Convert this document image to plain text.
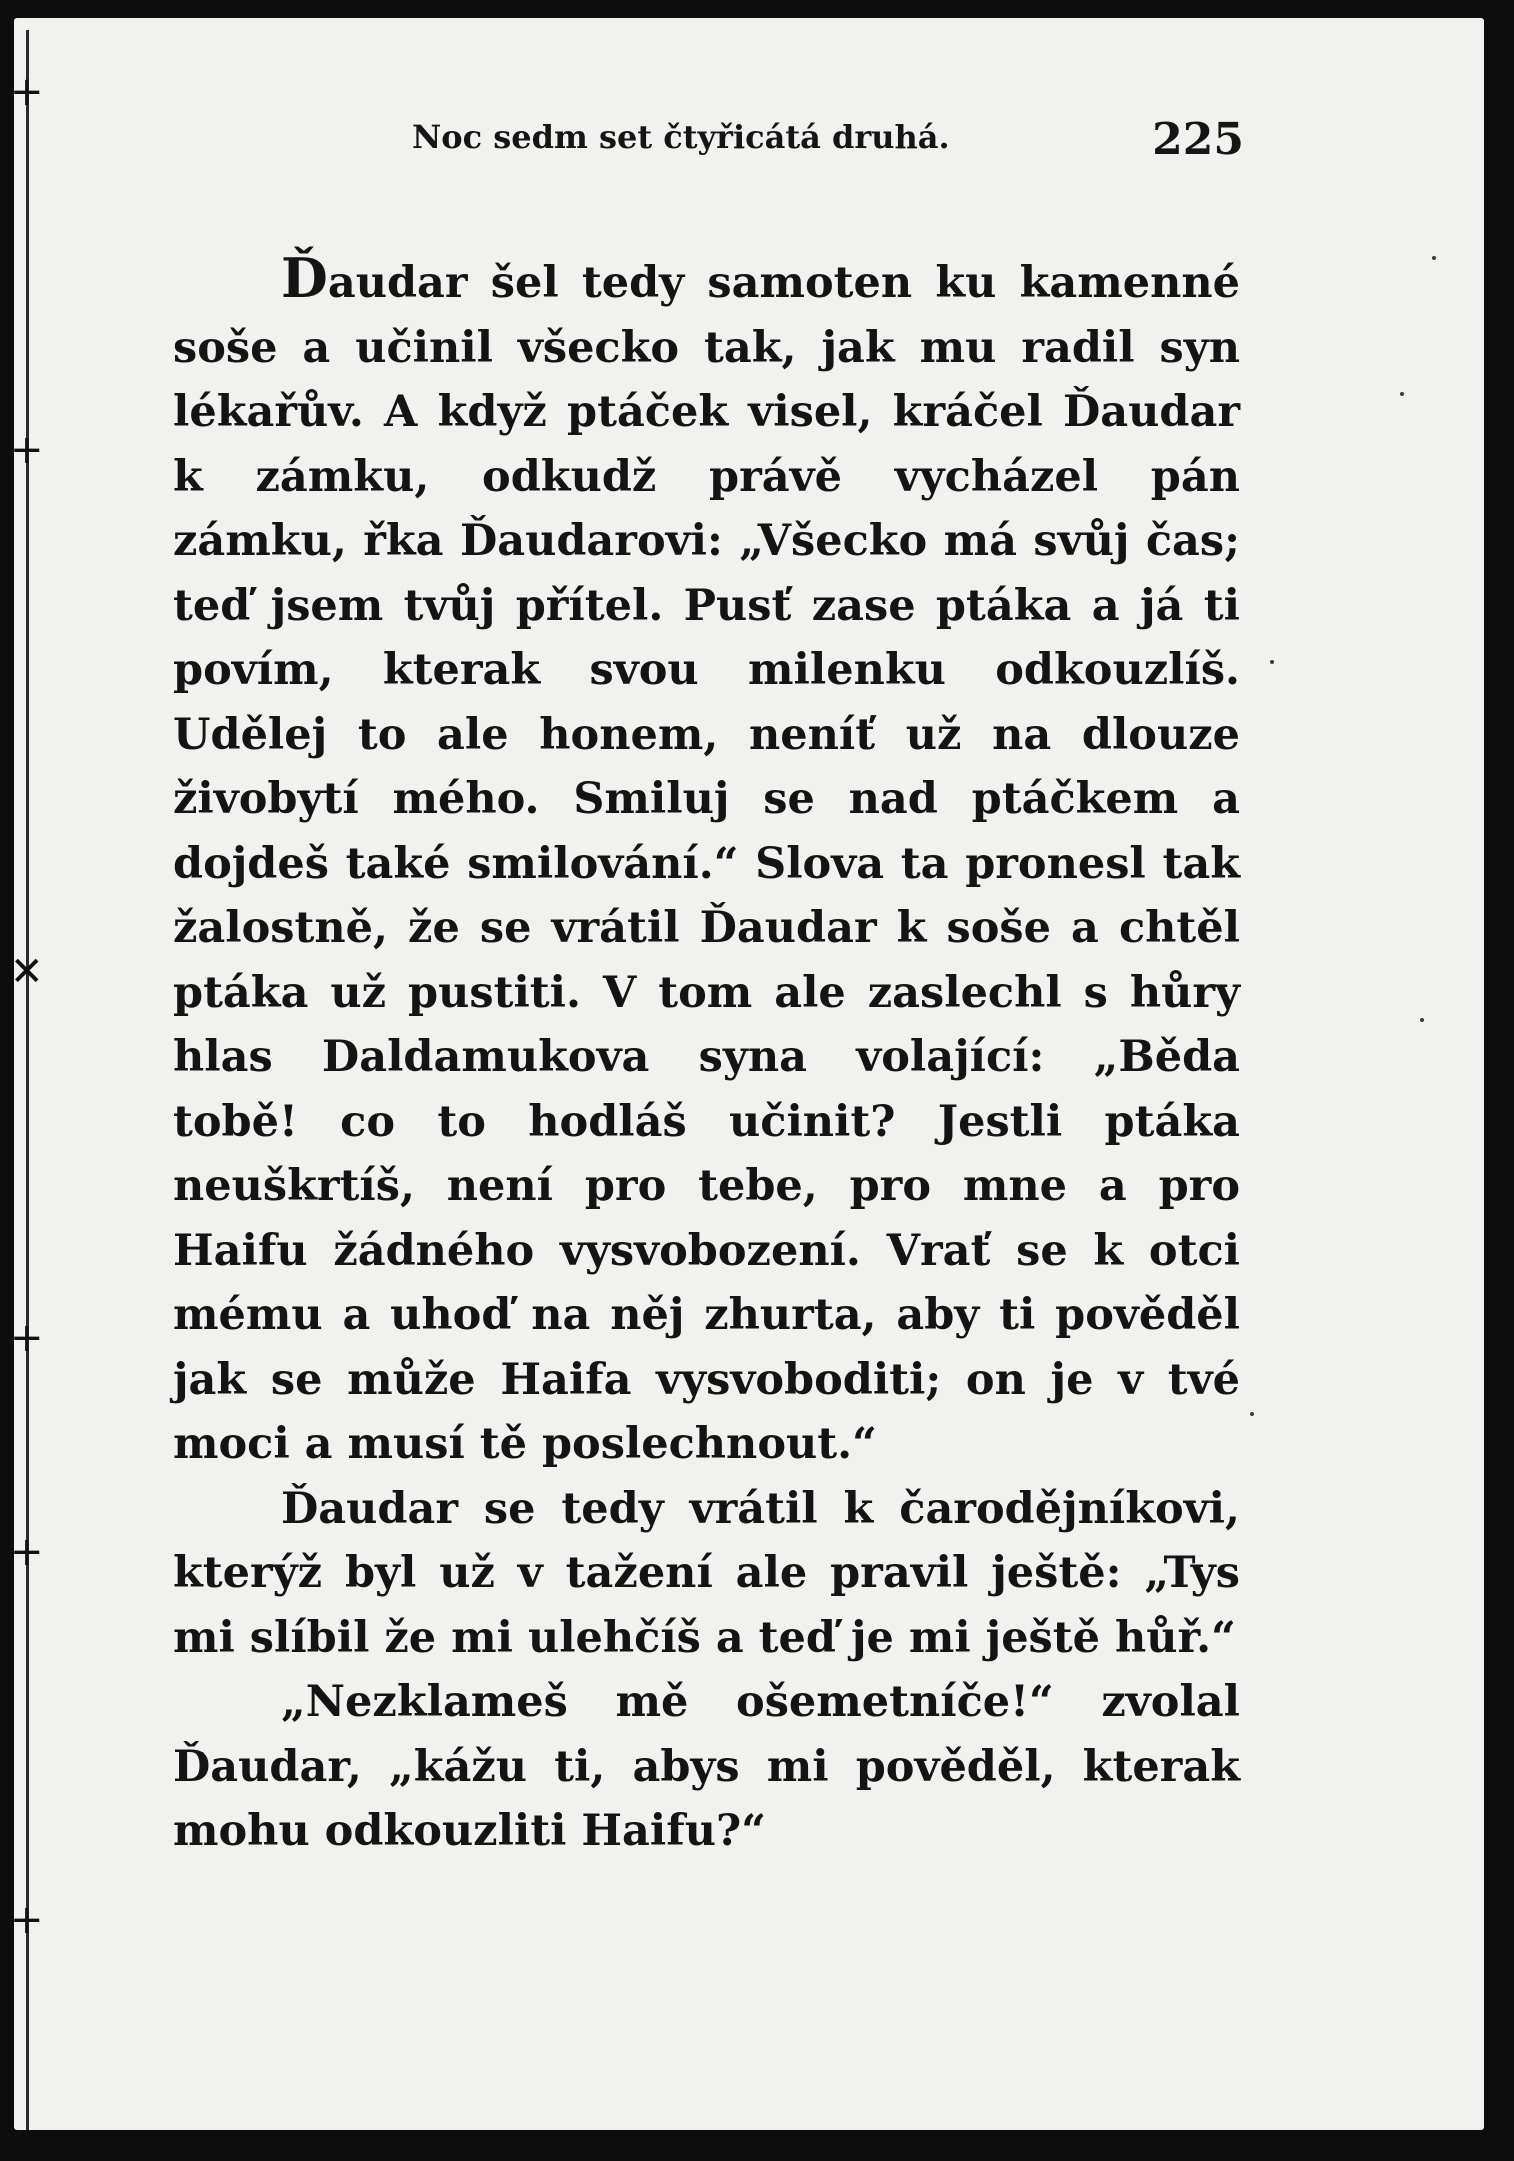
+
+
✕
+
+
+
Noc sedm set čtyřicátá druhá.	225

Ďaudar šel tedy samoten ku kamenné soše a učinil všecko tak, jak mu radil syn lékařův. A když ptáček visel, kráčel Ďaudar k zámku, odkudž právě vycházel pán zámku, řka Ďaudarovi: „Všecko má svůj čas; teď jsem tvůj přítel. Pusť zase ptáka a já ti povím, kterak svou milenku odkouzlíš. Udělej to ale honem, neníť už na dlouze živobytí mého. Smiluj se nad ptáčkem a dojdeš také smilování.“ Slova ta pronesl tak žalostně, že se vrátil Ďaudar k soše a chtěl ptáka už pustiti. V tom ale zaslechl s hůry hlas Daldamukova syna volající: „Běda tobě! co to hodláš učinit? Jestli ptáka neuškrtíš, není pro tebe, pro mne a pro Haifu žádného vysvobození. Vrať se k otci mému a uhoď na něj zhurta, aby ti pověděl jak se může Haifa vysvoboditi; on je v tvé moci a musí tě poslechnout.“

Ďaudar se tedy vrátil k čarodějníkovi, kterýž byl už v tažení ale pravil ještě: „Tys mi slíbil že mi ulehčíš a teď je mi ještě hůř.“

„Nezklameš mě ošemetníče!“ zvolal Ďaudar, „kážu ti, abys mi pověděl, kterak mohu odkouzliti Haifu?“
